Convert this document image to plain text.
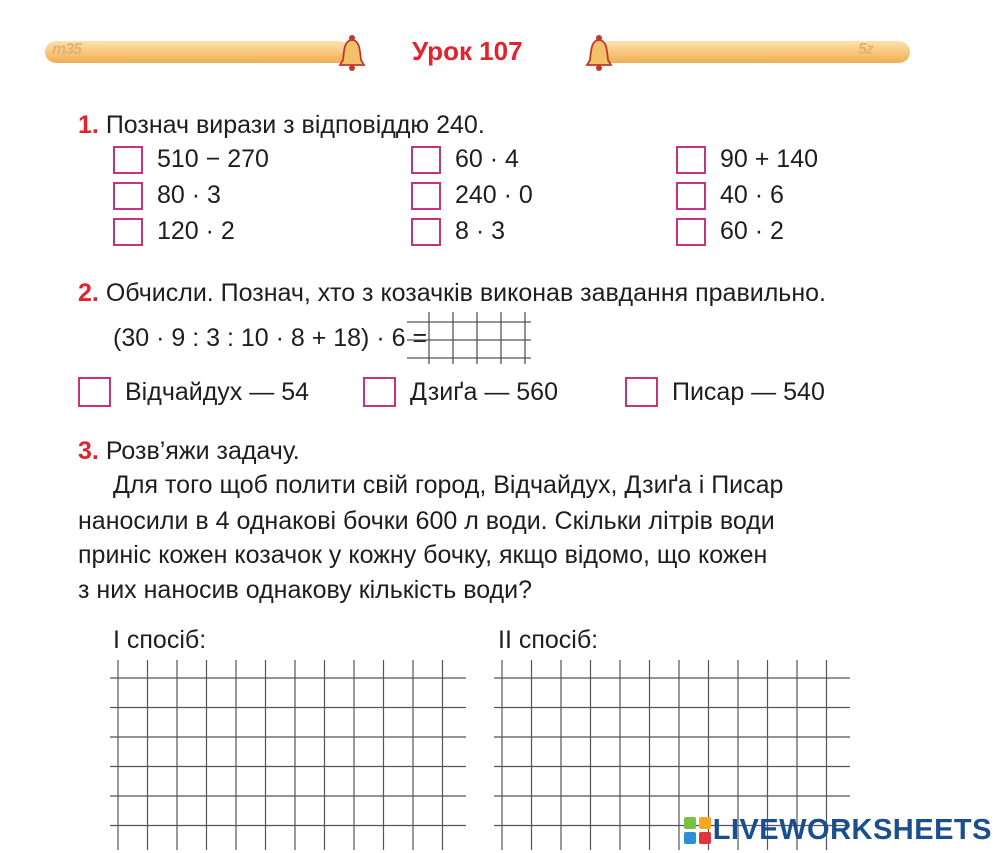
m35	5z
Урок 107
1. Познач вирази з відповіддю 240.
510 − 270	60 · 4	90 + 140
80 · 3	240 · 0	40 · 6
120 · 2	8 · 3	60 · 2
2. Обчисли. Познач, хто з козачків виконав завдання правильно.
(30 · 9 : 3 : 10 · 8 + 18) · 6 =
Відчайдух — 54	Дзиґа — 560	Писар — 540
3. Розв’яжи задачу.
Для того щоб полити свій город, Відчайдух, Дзиґа і Писар
наносили в 4 однакові бочки 600 л води. Скільки літрів води
приніс кожен козачок у кожну бочку, якщо відомо, що кожен
з них наносив однакову кількість води?
І спосіб:	ІІ спосіб:
LIVEWORKSHEETS
